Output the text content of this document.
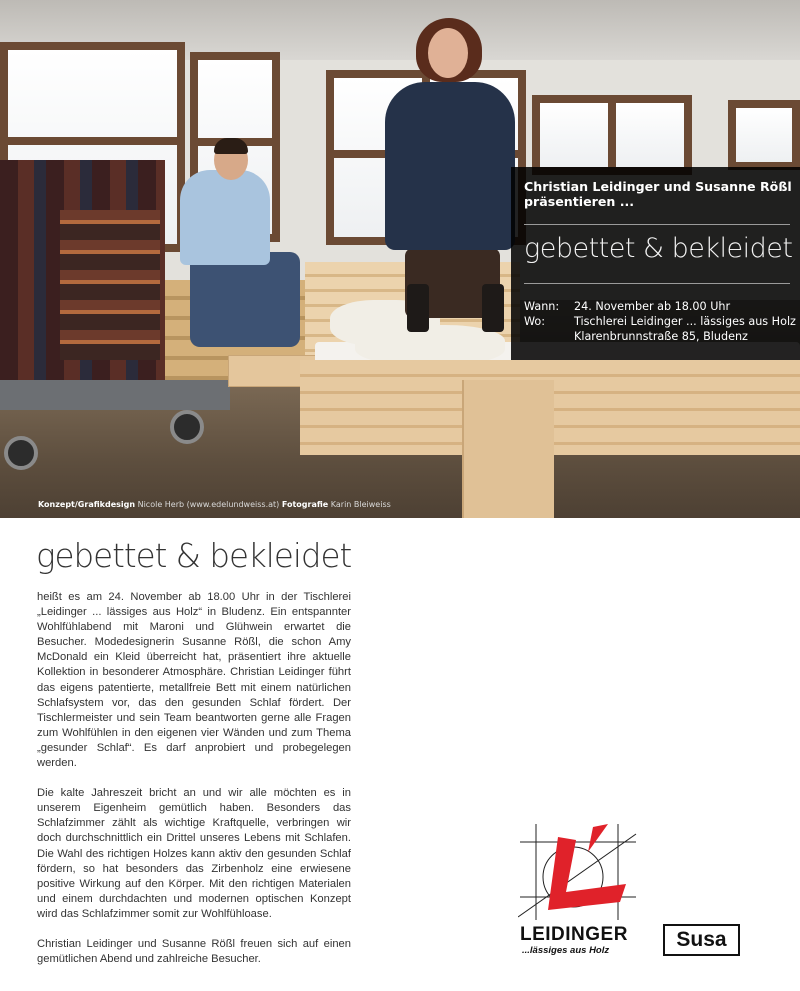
Konzept/Grafikdesign Nicole Herb (www.edelundweiss.at) Fotografie Karin Bleiweiss
Christian Leidinger und Susanne Rößl präsentieren ...
gebettet & bekleidet
Wann:	24. November ab 18.00 Uhr
Wo:	Tischlerei Leidinger ... lässiges aus Holz
Klarenbrunnstraße 85, Bludenz
gebettet & bekleidet

heißt es am 24. November ab 18.00 Uhr in der Tischlerei „Leidinger ... lässiges aus Holz“ in Bludenz. Ein entspannter Wohlfühlabend mit Maroni und Glühwein erwartet die Besucher. Modedesignerin Susanne Rößl, die schon Amy McDonald ein Kleid überreicht hat, präsentiert ihre aktuelle Kollektion in besonderer Atmosphäre. Christian Leidinger führt das eigens patentierte, metallfreie Bett mit einem natürlichen Schlafsystem vor, das den gesunden Schlaf fördert. Der Tischlermeister und sein Team beantworten gerne alle Fragen zum Wohlfühlen in den eigenen vier Wänden und zum Thema „gesunder Schlaf“. Es darf anprobiert und probegelegen werden.

Die kalte Jahreszeit bricht an und wir alle möchten es in unserem Eigenheim gemütlich haben. Besonders das Schlafzimmer zählt als wichtige Kraftquelle, verbringen wir doch durchschnittlich ein Drittel unseres Lebens mit Schlafen. Die Wahl des richtigen Holzes kann aktiv den gesunden Schlaf fördern, so hat besonders das Zirbenholz eine erwiesene positive Wirkung auf den Körper. Mit den richtigen Materialen und einem durchdachten und modernen optischen Konzept wird das Schlafzimmer somit zur Wohlfühloase.

Christian Leidinger und Susanne Rößl freuen sich auf einen gemütlichen Abend und zahlreiche Besucher.

LEIDINGER
...lässiges aus Holz	Susa
